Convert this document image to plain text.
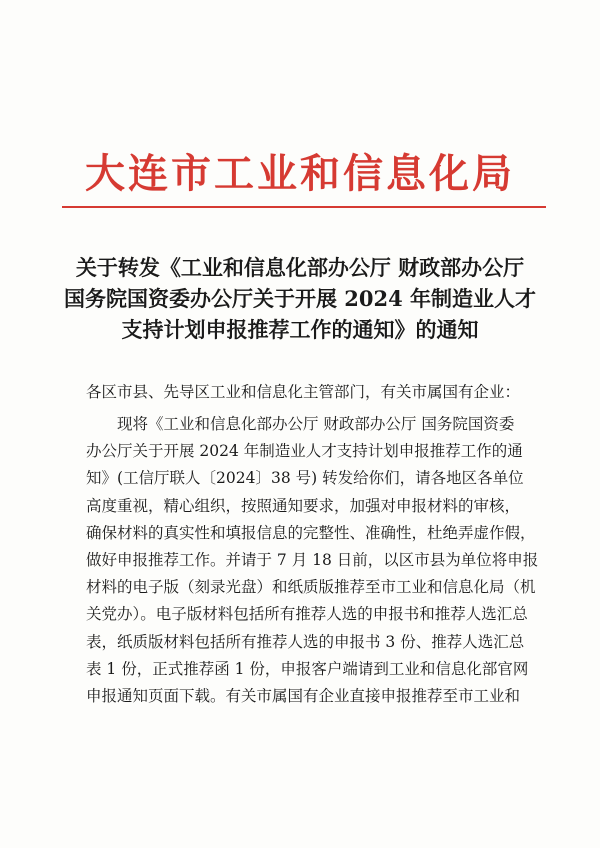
大连市工业和信息化局
关于转发《工业和信息化部办公厅 财政部办公厅
国务院国资委办公厅关于开展 2024 年制造业人才
支持计划申报推荐工作的通知》的通知
各区市县、先导区工业和信息化主管部门，有关市属国有企业：
现将《工业和信息化部办公厅 财政部办公厅 国务院国资委
办公厅关于开展 2024 年制造业人才支持计划申报推荐工作的通
知》(工信厅联人〔2024〕38 号) 转发给你们，请各地区各单位
高度重视，精心组织，按照通知要求，加强对申报材料的审核，
确保材料的真实性和填报信息的完整性、准确性，杜绝弄虚作假，
做好申报推荐工作。并请于 7 月 18 日前，以区市县为单位将申报
材料的电子版（刻录光盘）和纸质版推荐至市工业和信息化局（机
关党办）。电子版材料包括所有推荐人选的申报书和推荐人选汇总
表，纸质版材料包括所有推荐人选的申报书 3 份、推荐人选汇总
表 1 份，正式推荐函 1 份，申报客户端请到工业和信息化部官网
申报通知页面下载。有关市属国有企业直接申报推荐至市工业和
